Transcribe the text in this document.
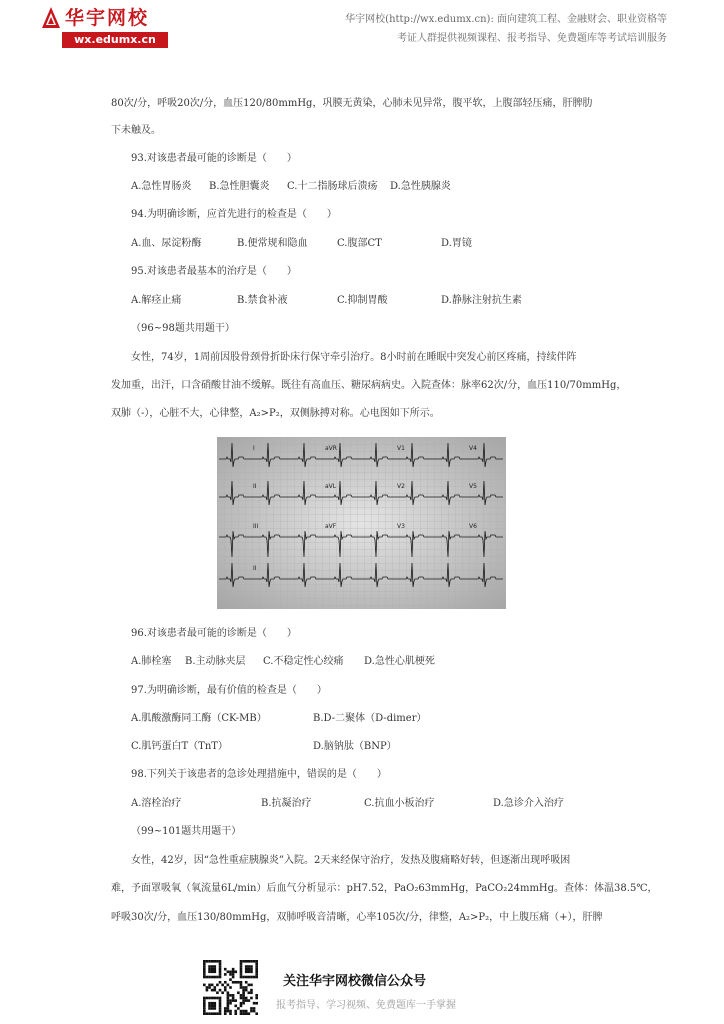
华宇网校
wx.edumx.cn
华宇网校(http://wx.edumx.cn): 面向建筑工程、金融财会、职业资格等
考证人群提供视频课程、报考指导、免费题库等考试培训服务
80次/分，呼吸20次/分，血压120/80mmHg，巩膜无黄染，心肺未见异常，腹平软，上腹部轻压痛，肝脾肋
下未触及。
93.对该患者最可能的诊断是（　　）
A.急性胃肠炎 B.急性胆囊炎 C.十二指肠球后溃疡 D.急性胰腺炎
94.为明确诊断，应首先进行的检查是（　　）
A.血、尿淀粉酶	B.便常规和隐血	C.腹部CT	D.胃镜
95.对该患者最基本的治疗是（　　）
A.解痉止痛	B.禁食补液	C.抑制胃酸	D.静脉注射抗生素
（96~98题共用题干）
女性，74岁，1周前因股骨颈骨折卧床行保守牵引治疗。8小时前在睡眠中突发心前区疼痛，持续伴阵
发加重，出汗，口含硝酸甘油不缓解。既往有高血压、糖尿病病史。入院查体：脉率62次/分，血压110/70mmHg，
双肺（-），心脏不大，心律整，A₂>P₂，双侧脉搏对称。心电图如下所示。
I	aVR	V1	V4
II	aVL	V2	V5
III	aVF	V3	V6
II
96.对该患者最可能的诊断是（　　）
A.肺栓塞 B.主动脉夹层 C.不稳定性心绞痛 D.急性心肌梗死
97.为明确诊断，最有价值的检查是（　　）
A.肌酸激酶同工酶（CK-MB）	B.D-二聚体（D-dimer）
C.肌钙蛋白T（TnT）	D.脑钠肽（BNP）
98.下列关于该患者的急诊处理措施中，错误的是（　　）
A.溶栓治疗	B.抗凝治疗	C.抗血小板治疗	D.急诊介入治疗
（99~101题共用题干）
女性，42岁，因“急性重症胰腺炎”入院。2天来经保守治疗，发热及腹痛略好转，但逐渐出现呼吸困
难，予面罩吸氧（氧流量6L/min）后血气分析显示：pH7.52，PaO₂63mmHg，PaCO₂24mmHg。查体：体温38.5℃，
呼吸30次/分，血压130/80mmHg，双肺呼吸音清晰，心率105次/分，律整，A₂>P₂，中上腹压痛（+），肝脾
关注华宇网校微信公众号
报考指导、学习视频、免费题库一手掌握
